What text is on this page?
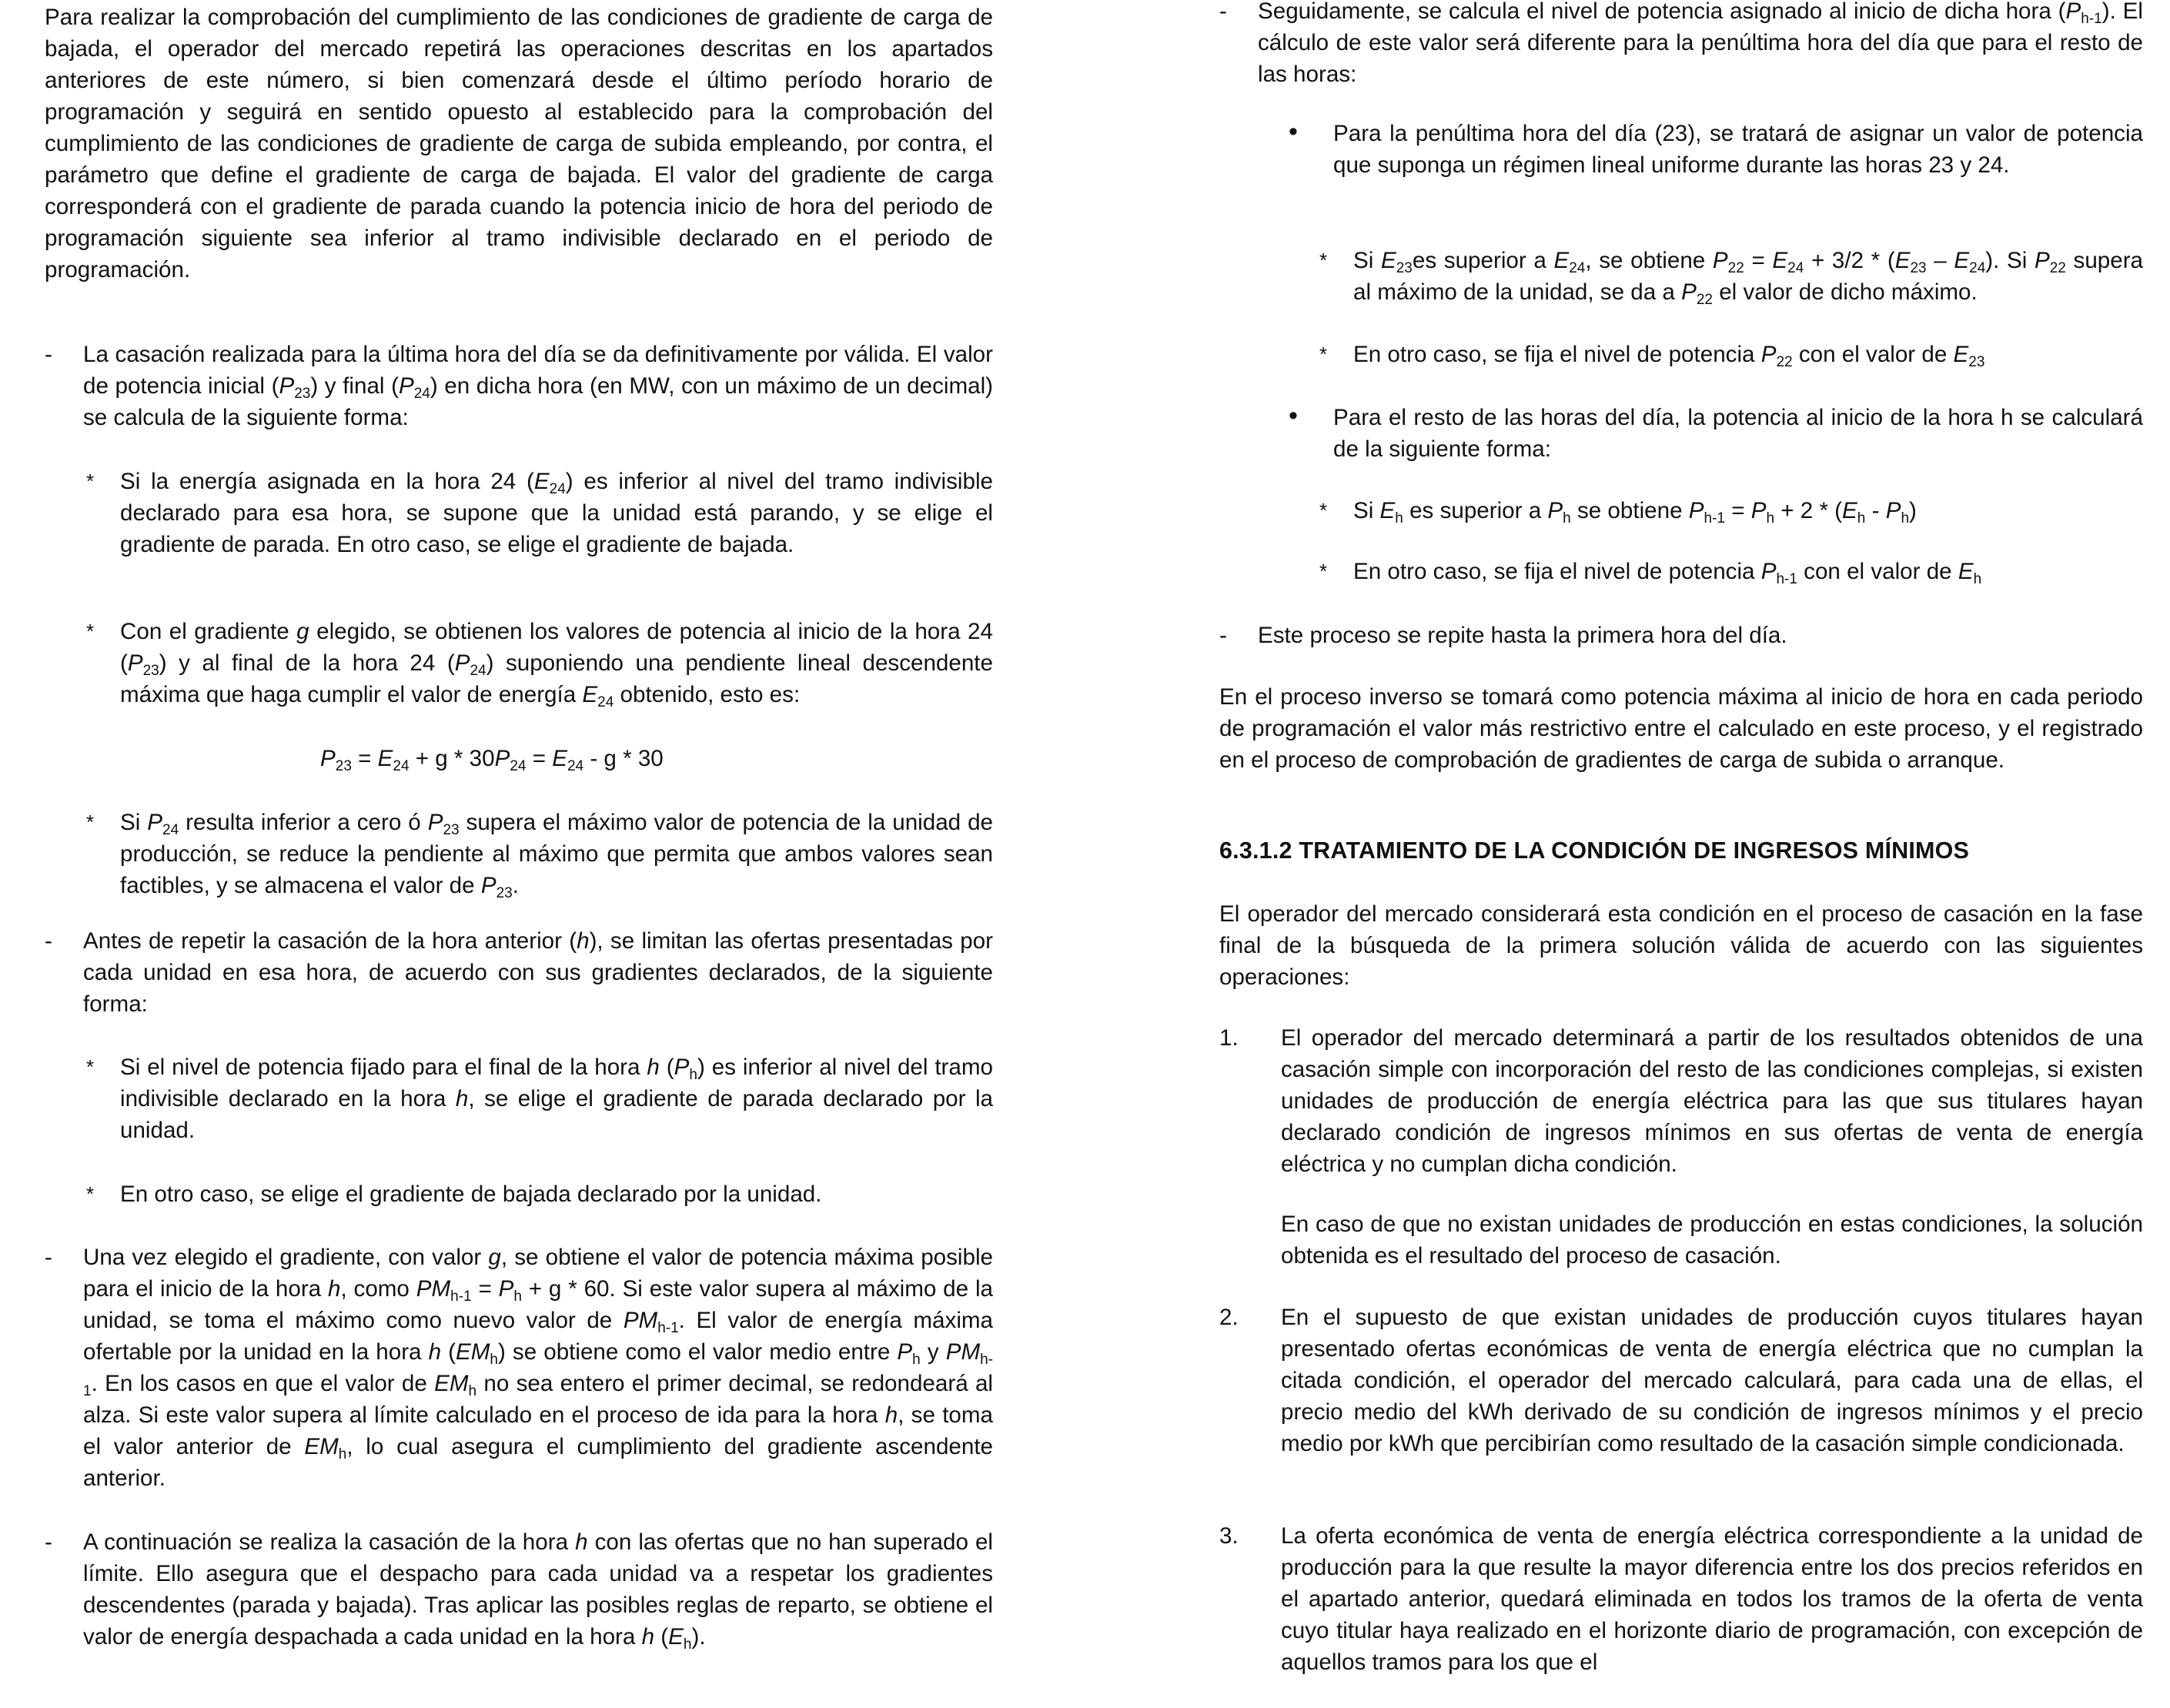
Para realizar la comprobación del cumplimiento de las condiciones de gradiente de carga de bajada, el operador del mercado repetirá las operaciones descritas en los apartados anteriores de este número, si bien comenzará desde el último período horario de programación y seguirá en sentido opuesto al establecido para la comprobación del cumplimiento de las condiciones de gradiente de carga de subida empleando, por contra, el parámetro que define el gradiente de carga de bajada. El valor del gradiente de carga corresponderá con el gradiente de parada cuando la potencia inicio de hora del periodo de programación siguiente sea inferior al tramo indivisible declarado en el periodo de programación.

- La casación realizada para la última hora del día se da definitivamente por válida. El valor de potencia inicial $(P_{23})$ y final $(P_{24})$ en dicha hora (en MW, con un máximo de un decimal) se calcula de la siguiente forma:
* Si la energía asignada en la hora 24 $(E_{24})$ es inferior al nivel del tramo indivisible declarado para esa hora, se supone que la unidad está parando, y se elige el gradiente de parada. En otro caso, se elige el gradiente de bajada.
* Con el gradiente g elegido, se obtienen los valores de potencia al inicio de la hora 24 $(P_{23})$ y al final de la hora 24 $(P_{24})$ suponiendo una pendiente lineal descendente máxima que haga cumplir el valor de energía $E_{24}$ obtenido, esto es:
$P_{23} = E_{24} + g * 30P_{24} = E_{24} - g * 30$
* Si $P_{24}$ resulta inferior a cero ó $P_{23}$ supera el máximo valor de potencia de la unidad de producción, se reduce la pendiente al máximo que permita que ambos valores sean factibles, y se almacena el valor de $P_{23}$.
- Antes de repetir la casación de la hora anterior (h), se limitan las ofertas presentadas por cada unidad en esa hora, de acuerdo con sus gradientes declarados, de la siguiente forma:
* Si el nivel de potencia fijado para el final de la hora h $(P_h)$ es inferior al nivel del tramo indivisible declarado en la hora h, se elige el gradiente de parada declarado por la unidad.
* En otro caso, se elige el gradiente de bajada declarado por la unidad.
- Una vez elegido el gradiente, con valor g, se obtiene el valor de potencia máxima posible para el inicio de la hora h, como $PM_{h-1} = P_h + g * 60$. Si este valor supera al máximo de la unidad, se toma el máximo como nuevo valor de $PM_{h-1}$. El valor de energía máxima ofertable por la unidad en la hora h $(EM_h)$ se obtiene como el valor medio entre $P_h$ y $PM_{h-1}$. En los casos en que el valor de $EM_h$ no sea entero el primer decimal, se redondeará al alza. Si este valor supera al límite calculado en el proceso de ida para la hora h, se toma el valor anterior de $EM_h$, lo cual asegura el cumplimiento del gradiente ascendente anterior.
- A continuación se realiza la casación de la hora h con las ofertas que no han superado el límite. Ello asegura que el despacho para cada unidad va a respetar los gradientes descendentes (parada y bajada). Tras aplicar las posibles reglas de reparto, se obtiene el valor de energía despachada a cada unidad en la hora h $(E_h)$.
- Seguidamente, se calcula el nivel de potencia asignado al inicio de dicha hora $(P_{h-1})$. El cálculo de este valor será diferente para la penúltima hora del día que para el resto de las horas:
• Para la penúltima hora del día (23), se tratará de asignar un valor de potencia que suponga un régimen lineal uniforme durante las horas 23 y 24.
* Si $E_{23}es$ superior a $E_{24}$, se obtiene $P_{22} = E_{24} + 3/2 * (E_{23} - E_{24})$. Si $P_{22}$ supera al máximo de la unidad, se da a $P_{22}$ el valor de dicho máximo.
* En otro caso, se fija el nivel de potencia $P_{22}$ con el valor de $E_{23}$
• Para el resto de las horas del día, la potencia al inicio de la hora h se calculará de la siguiente forma:
* Si $E_h$ es superior a $P_h$ se obtiene $P_{h-1} = P_h + 2 * (E_h - P_h)$
* En otro caso, se fija el nivel de potencia $P_{h-1}$ con el valor de $E_h$
- Este proceso se repite hasta la primera hora del día.

En el proceso inverso se tomará como potencia máxima al inicio de hora en cada periodo de programación el valor más restrictivo entre el calculado en este proceso, y el registrado en el proceso de comprobación de gradientes de carga de subida o arranque.

6.3.1.2 TRATAMIENTO DE LA CONDICIÓN DE INGRESOS MÍNIMOS

El operador del mercado considerará esta condición en el proceso de casación en la fase final de la búsqueda de la primera solución válida de acuerdo con las siguientes operaciones:

1. El operador del mercado determinará a partir de los resultados obtenidos de una casación simple con incorporación del resto de las condiciones complejas, si existen unidades de producción de energía eléctrica para las que sus titulares hayan declarado condición de ingresos mínimos en sus ofertas de venta de energía eléctrica y no cumplan dicha condición.

En caso de que no existan unidades de producción en estas condiciones, la solución obtenida es el resultado del proceso de casación.

2. En el supuesto de que existan unidades de producción cuyos titulares hayan presentado ofertas económicas de venta de energía eléctrica que no cumplan la citada condición, el operador del mercado calculará, para cada una de ellas, el precio medio del kWh derivado de su condición de ingresos mínimos y el precio medio por kWh que percibirían como resultado de la casación simple condicionada.
3. La oferta económica de venta de energía eléctrica correspondiente a la unidad de producción para la que resulte la mayor diferencia entre los dos precios referidos en el apartado anterior, quedará eliminada en todos los tramos de la oferta de venta cuyo titular haya realizado en el horizonte diario de programación, con excepción de aquellos tramos para los que el
